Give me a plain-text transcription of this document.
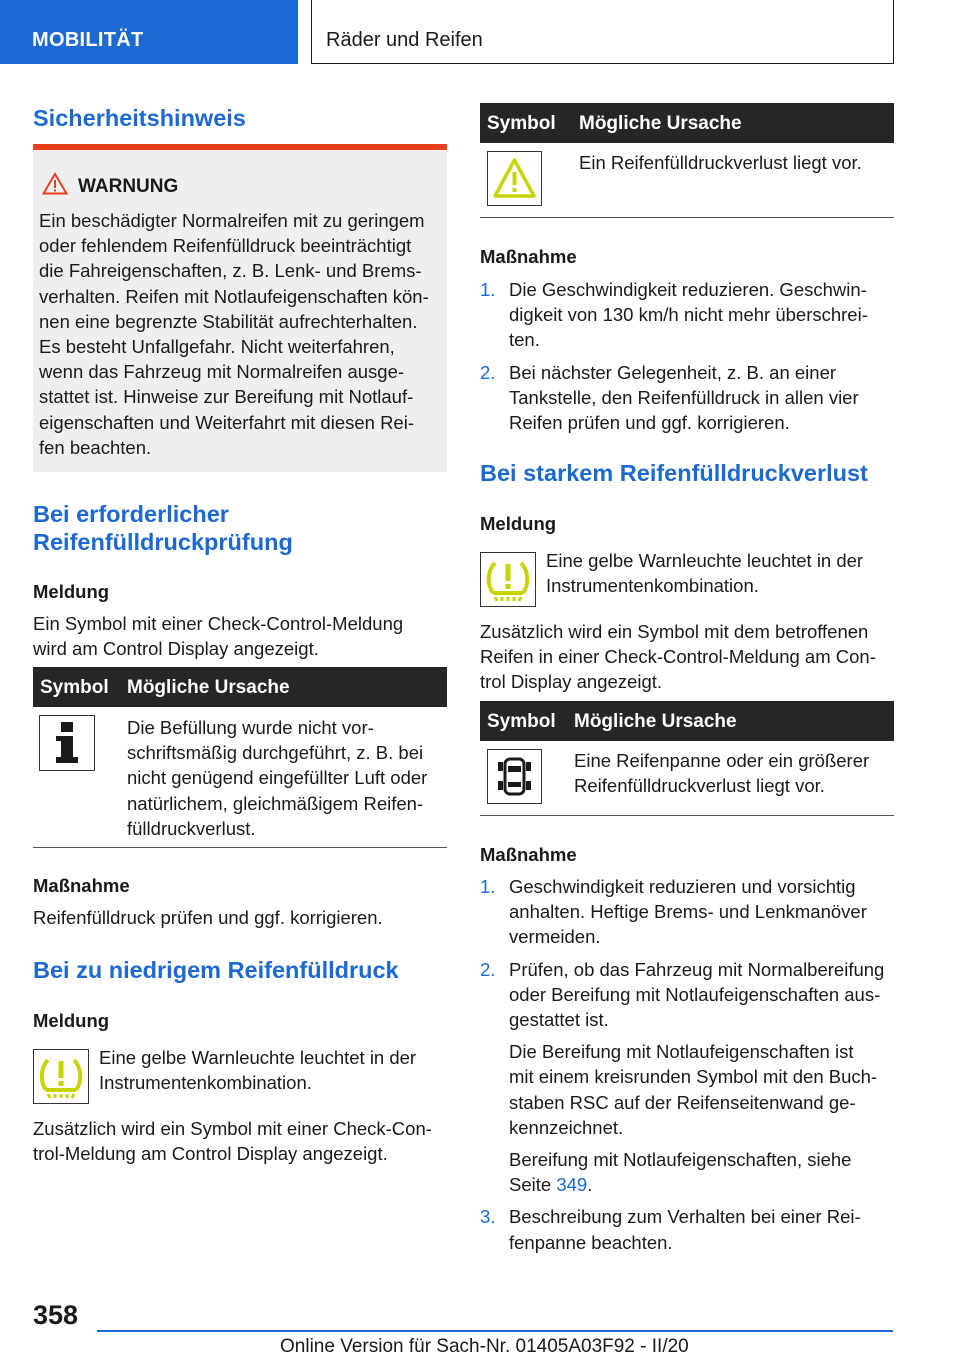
MOBILITÄT	Räder und Reifen
Sicherheitshinweis
WARNUNG
Ein beschädigter Normalreifen mit zu geringem
oder fehlendem Reifenfülldruck beeinträchtigt
die Fahreigenschaften, z. B. Lenk- und Brems-
verhalten. Reifen mit Notlaufeigenschaften kön-
nen eine begrenzte Stabilität aufrechterhalten.
Es besteht Unfallgefahr. Nicht weiterfahren,
wenn das Fahrzeug mit Normalreifen ausge-
stattet ist. Hinweise zur Bereifung mit Notlauf-
eigenschaften und Weiterfahrt mit diesen Rei-
fen beachten.
Bei erforderlicher
Reifenfülldruckprüfung
Meldung
Ein Symbol mit einer Check-Control-Meldung
wird am Control Display angezeigt.
Symbol Mögliche Ursache
Die Befüllung wurde nicht vor-
schriftsmäßig durchgeführt, z. B. bei
nicht genügend eingefüllter Luft oder
natürlichem, gleichmäßigem Reifen-
fülldruckverlust.
Maßnahme
Reifenfülldruck prüfen und ggf. korrigieren.
Bei zu niedrigem Reifenfülldruck
Meldung
Eine gelbe Warnleuchte leuchtet in der
Instrumentenkombination.
Zusätzlich wird ein Symbol mit einer Check-Con-
trol-Meldung am Control Display angezeigt.
Symbol Mögliche Ursache
Ein Reifenfülldruckverlust liegt vor.
Maßnahme
1. Die Geschwindigkeit reduzieren. Geschwin-
digkeit von 130 km/h nicht mehr überschrei-
ten.
2. Bei nächster Gelegenheit, z. B. an einer
Tankstelle, den Reifenfülldruck in allen vier
Reifen prüfen und ggf. korrigieren.
Bei starkem Reifenfülldruckverlust
Meldung
Eine gelbe Warnleuchte leuchtet in der
Instrumentenkombination.
Zusätzlich wird ein Symbol mit dem betroffenen
Reifen in einer Check-Control-Meldung am Con-
trol Display angezeigt.
Symbol Mögliche Ursache
Eine Reifenpanne oder ein größerer
Reifenfülldruckverlust liegt vor.
Maßnahme
1. Geschwindigkeit reduzieren und vorsichtig
anhalten. Heftige Brems- und Lenkmanöver
vermeiden.
2. Prüfen, ob das Fahrzeug mit Normalbereifung
oder Bereifung mit Notlaufeigenschaften aus-
gestattet ist.
Die Bereifung mit Notlaufeigenschaften ist
mit einem kreisrunden Symbol mit den Buch-
staben RSC auf der Reifenseitenwand ge-
kennzeichnet.
Bereifung mit Notlaufeigenschaften, siehe
Seite 349.
3. Beschreibung zum Verhalten bei einer Rei-
fenpanne beachten.
358
Online Version für Sach-Nr. 01405A03F92 - II/20
